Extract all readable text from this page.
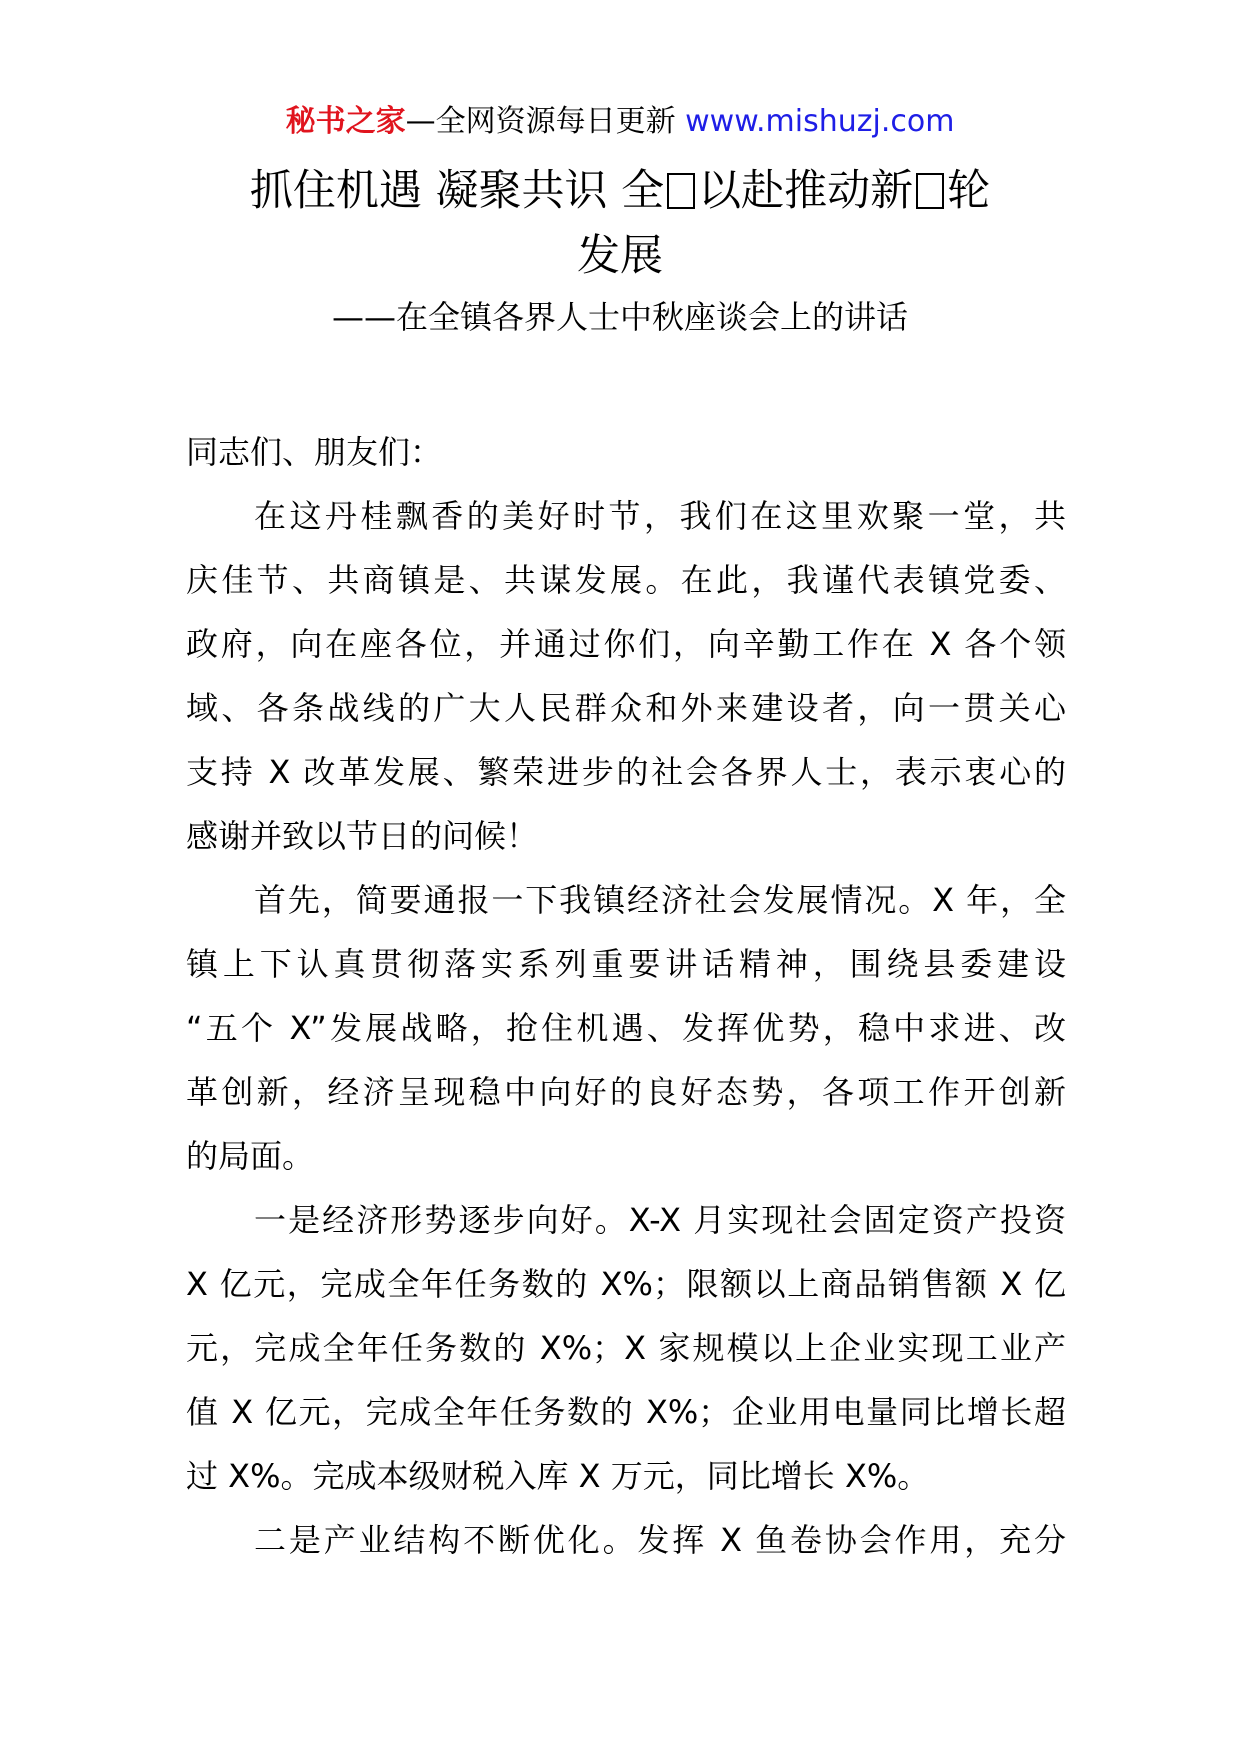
秘书之家—全网资源每日更新 www.mishuzj.com
抓住机遇 凝聚共识 全 以赴推动新 轮
发展
——在全镇各界人士中秋座谈会上的讲话
同志们、朋友们：
在这丹桂飘香的美好时节，我们在这里欢聚一堂，共
庆佳节、共商镇是、共谋发展。在此，我谨代表镇党委、
政府，向在座各位，并通过你们，向辛勤工作在 X 各个领
域、各条战线的广大人民群众和外来建设者，向一贯关心
支持 X 改革发展、繁荣进步的社会各界人士，表示衷心的
感谢并致以节日的问候！
首先，简要通报一下我镇经济社会发展情况。X 年，全
镇上下认真贯彻落实系列重要讲话精神，围绕县委建设
“五个 X”发展战略，抢住机遇、发挥优势，稳中求进、改
革创新，经济呈现稳中向好的良好态势，各项工作开创新
的局面。
一是经济形势逐步向好。X-X 月实现社会固定资产投资
X 亿元，完成全年任务数的 X%；限额以上商品销售额 X 亿
元，完成全年任务数的 X%；X 家规模以上企业实现工业产
值 X 亿元，完成全年任务数的 X%；企业用电量同比增长超
过 X%。完成本级财税入库 X 万元，同比增长 X%。
二是产业结构不断优化。发挥 X 鱼卷协会作用，充分
